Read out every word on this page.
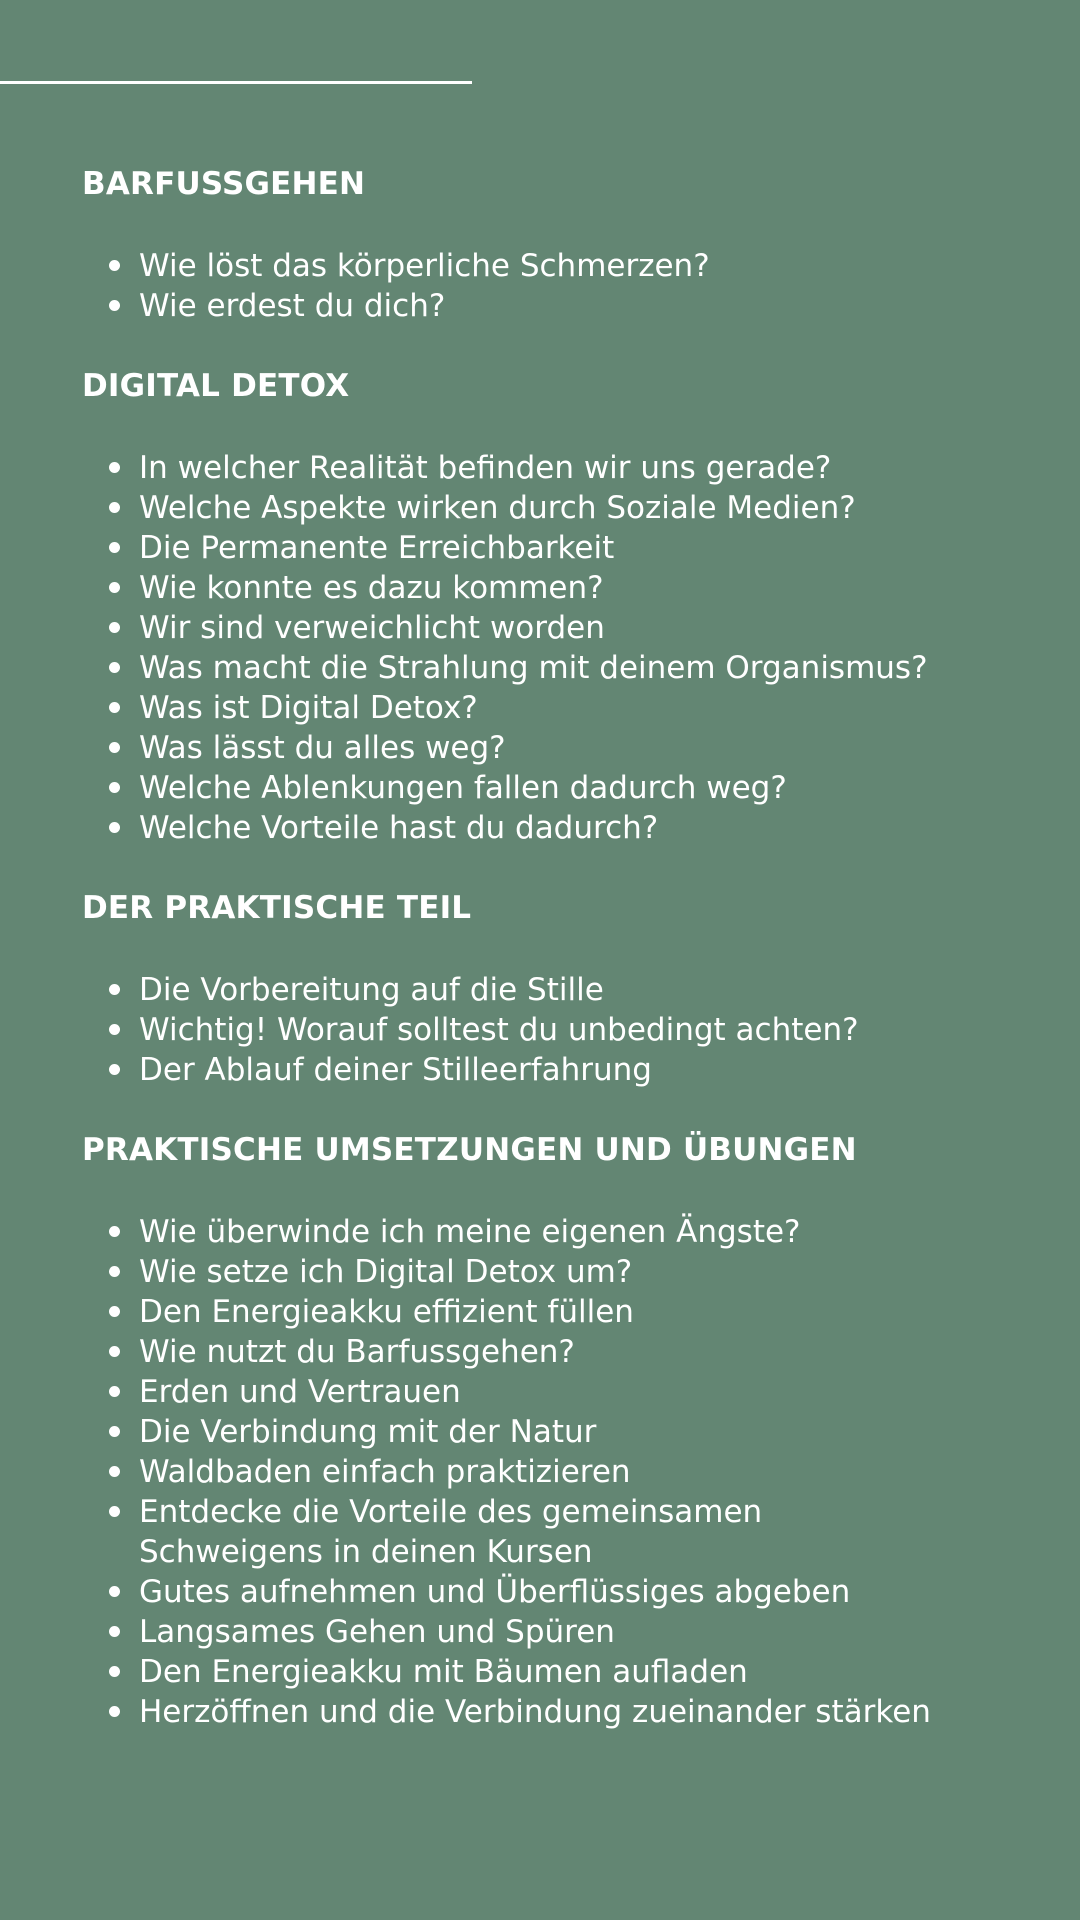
BARFUSSGEHEN
Wie löst das körperliche Schmerzen?
Wie erdest du dich?
DIGITAL DETOX
In welcher Realität befinden wir uns gerade?
Welche Aspekte wirken durch Soziale Medien?
Die Permanente Erreichbarkeit
Wie konnte es dazu kommen?
Wir sind verweichlicht worden
Was macht die Strahlung mit deinem Organismus?
Was ist Digital Detox?
Was lässt du alles weg?
Welche Ablenkungen fallen dadurch weg?
Welche Vorteile hast du dadurch?
DER PRAKTISCHE TEIL
Die Vorbereitung auf die Stille
Wichtig! Worauf solltest du unbedingt achten?
Der Ablauf deiner Stilleerfahrung
PRAKTISCHE UMSETZUNGEN UND ÜBUNGEN
Wie überwinde ich meine eigenen Ängste?
Wie setze ich Digital Detox um?
Den Energieakku effizient füllen
Wie nutzt du Barfussgehen?
Erden und Vertrauen
Die Verbindung mit der Natur
Waldbaden einfach praktizieren
Entdecke die Vorteile des gemeinsamen Schweigens in deinen Kursen
Gutes aufnehmen und Überflüssiges abgeben
Langsames Gehen und Spüren
Den Energieakku mit Bäumen aufladen
Herzöffnen und die Verbindung zueinander stärken
